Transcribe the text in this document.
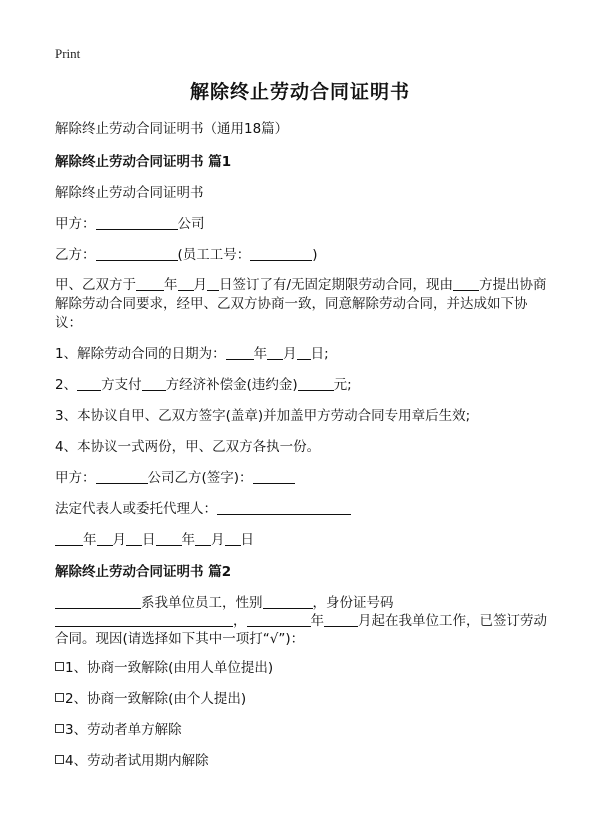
Print
解除终止劳动合同证明书
解除终止劳动合同证明书（通用18篇）
解除终止劳动合同证明书 篇1
解除终止劳动合同证明书
甲方：	公司
乙方：	(员工工号：	)
甲、乙双方于 年 月 日签订了有/无固定期限劳动合同，现由 方提出协商解除劳动合同要求，经甲、乙双方协商一致，同意解除劳动合同，并达成如下协议：
1、解除劳动合同的日期为： 年 月 日;
2、 方支付 方经济补偿金(违约金)	元;
3、本协议自甲、乙双方签字(盖章)并加盖甲方劳动合同专用章后生效;
4、本协议一式两份，甲、乙双方各执一份。
甲方：	公司乙方(签字)：
法定代表人或委托代理人：
年 月 日 年 月 日
解除终止劳动合同证明书 篇2
系我单位员工，性别	，身份证号码
，	年	月起在我单位工作，已签订劳动
合同。现因(请选择如下其中一项打“√”)：
1、协商一致解除(由用人单位提出)
2、协商一致解除(由个人提出)
3、劳动者单方解除
4、劳动者试用期内解除
